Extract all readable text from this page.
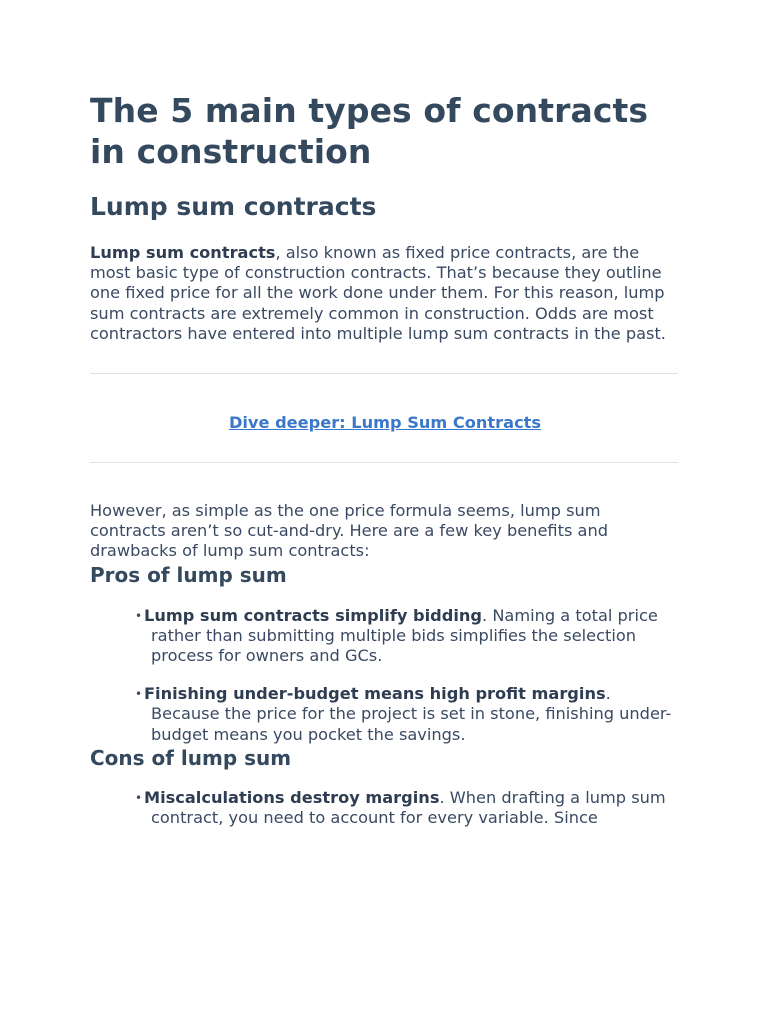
The 5 main types of contracts in construction
Lump sum contracts

Lump sum contracts, also known as fixed price contracts, are the most basic type of construction contracts. That’s because they outline one fixed price for all the work done under them. For this reason, lump sum contracts are extremely common in construction. Odds are most contractors have entered into multiple lump sum contracts in the past.

Dive deeper: Lump Sum Contracts

However, as simple as the one price formula seems, lump sum contracts aren’t so cut-and-dry. Here are a few key benefits and drawbacks of lump sum contracts:

Pros of lump sum
• Lump sum contracts simplify bidding. Naming a total price rather than submitting multiple bids simplifies the selection process for owners and GCs.
• Finishing under-budget means high profit margins. Because the price for the project is set in stone, finishing under-budget means you pocket the savings.
Cons of lump sum
• Miscalculations destroy margins. When drafting a lump sum contract, you need to account for every variable. Since
